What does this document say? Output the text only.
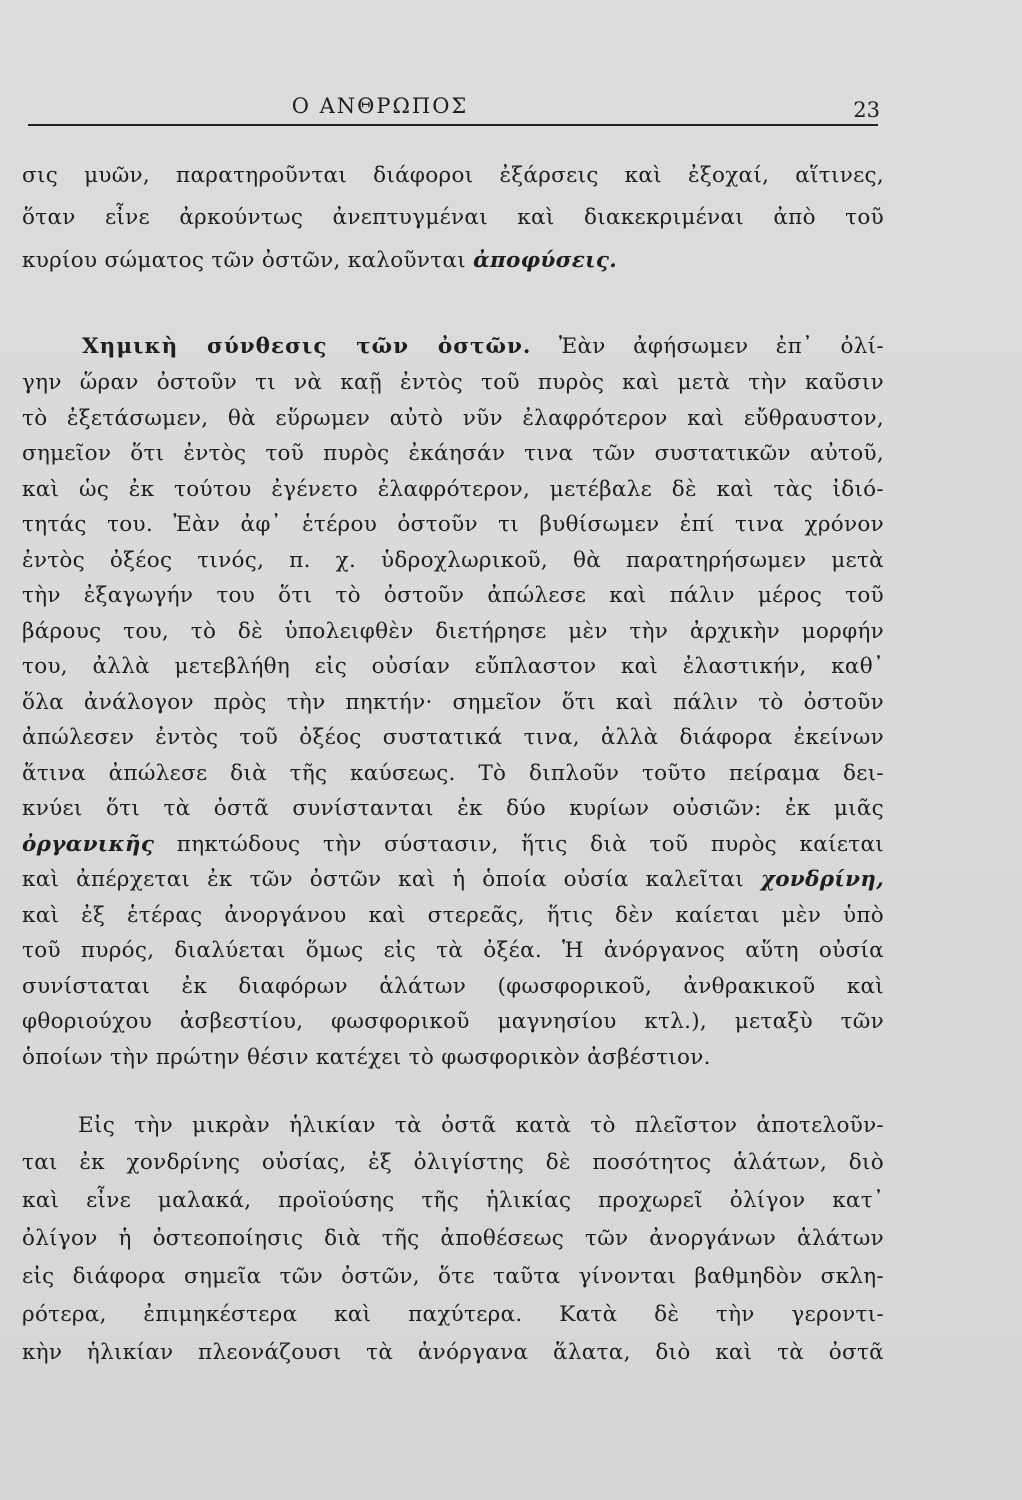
Ο ΑΝΘΡΩΠΟΣ	23
σις μυῶν, παρατηροῦνται διάφοροι ἐξάρσεις καὶ ἐξοχαί, αἵτινες,
ὅταν εἶνε ἀρκούντως ἀνεπτυγμέναι καὶ διακεκριμέναι ἀπὸ τοῦ
κυρίου σώματος τῶν ὀστῶν, καλοῦνται ἀποφύσεις.
Χημικὴ σύνθεσις τῶν ὀστῶν. Ἐὰν ἀφήσωμεν ἐπ᾽ ὀλί-
γην ὥραν ὀστοῦν τι νὰ καῇ ἐντὸς τοῦ πυρὸς καὶ μετὰ τὴν καῦσιν
τὸ ἐξετάσωμεν, θὰ εὕρωμεν αὐτὸ νῦν ἐλαφρότερον καὶ εὔθραυστον,
σημεῖον ὅτι ἐντὸς τοῦ πυρὸς ἐκάησάν τινα τῶν συστατικῶν αὐτοῦ,
καὶ ὡς ἐκ τούτου ἐγένετο ἐλαφρότερον, μετέβαλε δὲ καὶ τὰς ἰδιό-
τητάς του. Ἐὰν ἀφ᾽ ἑτέρου ὀστοῦν τι βυθίσωμεν ἐπί τινα χρόνον
ἐντὸς ὀξέος τινός, π. χ. ὑδροχλωρικοῦ, θὰ παρατηρήσωμεν μετὰ
τὴν ἐξαγωγήν του ὅτι τὸ ὀστοῦν ἀπώλεσε καὶ πάλιν μέρος τοῦ
βάρους του, τὸ δὲ ὑπολειφθὲν διετήρησε μὲν τὴν ἀρχικὴν μορφήν
του, ἀλλὰ μετεβλήθη εἰς οὐσίαν εὔπλαστον καὶ ἐλαστικήν, καθ᾽
ὅλα ἀνάλογον πρὸς τὴν πηκτήν· σημεῖον ὅτι καὶ πάλιν τὸ ὀστοῦν
ἀπώλεσεν ἐντὸς τοῦ ὀξέος συστατικά τινα, ἀλλὰ διάφορα ἐκείνων
ἅτινα ἀπώλεσε διὰ τῆς καύσεως. Τὸ διπλοῦν τοῦτο πείραμα δει-
κνύει ὅτι τὰ ὀστᾶ συνίστανται ἐκ δύο κυρίων οὐσιῶν: ἐκ μιᾶς
ὀργανικῆς πηκτώδους τὴν σύστασιν, ἥτις διὰ τοῦ πυρὸς καίεται
καὶ ἀπέρχεται ἐκ τῶν ὀστῶν καὶ ἡ ὁποία οὐσία καλεῖται χονδρίνη,
καὶ ἐξ ἑτέρας ἀνοργάνου καὶ στερεᾶς, ἥτις δὲν καίεται μὲν ὑπὸ
τοῦ πυρός, διαλύεται ὅμως εἰς τὰ ὀξέα. Ἡ ἀνόργανος αὕτη οὐσία
συνίσταται ἐκ διαφόρων ἁλάτων (φωσφορικοῦ, ἀνθρακικοῦ καὶ
φθοριούχου ἀσβεστίου, φωσφορικοῦ μαγνησίου κτλ.), μεταξὺ τῶν
ὁποίων τὴν πρώτην θέσιν κατέχει τὸ φωσφορικὸν ἀσβέστιον.
Εἰς τὴν μικρὰν ἡλικίαν τὰ ὀστᾶ κατὰ τὸ πλεῖστον ἀποτελοῦν-
ται ἐκ χονδρίνης οὐσίας, ἐξ ὀλιγίστης δὲ ποσότητος ἁλάτων, διὸ
καὶ εἶνε μαλακά, προϊούσης τῆς ἡλικίας προχωρεῖ ὀλίγον κατ᾽
ὀλίγον ἡ ὀστεοποίησις διὰ τῆς ἀποθέσεως τῶν ἀνοργάνων ἁλάτων
εἰς διάφορα σημεῖα τῶν ὀστῶν, ὅτε ταῦτα γίνονται βαθμηδὸν σκλη-
ρότερα, ἐπιμηκέστερα καὶ παχύτερα. Κατὰ δὲ τὴν γεροντι-
κὴν ἡλικίαν πλεονάζουσι τὰ ἀνόργανα ἅλατα, διὸ καὶ τὰ ὀστᾶ
